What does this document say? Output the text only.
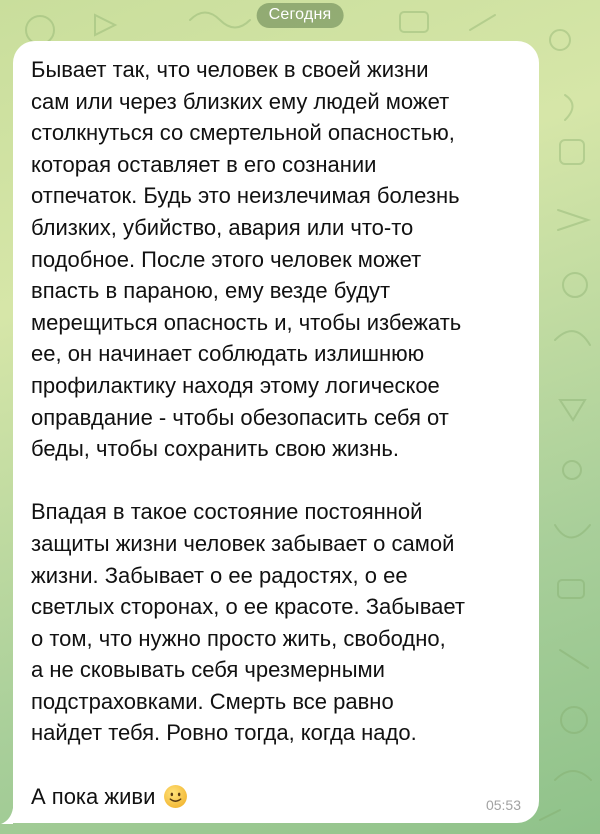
Сегодня

Бывает так, что человек в своей жизни
сам или через близких ему людей может
столкнуться со смертельной опасностью,
которая оставляет в его сознании
отпечаток. Будь это неизлечимая болезнь
близких, убийство, авария или что-то
подобное. После этого человек может
впасть в параною, ему везде будут
мерещиться опасность и, чтобы избежать
ее, он начинает соблюдать излишнюю
профилактику находя этому логическое
оправдание - чтобы обезопасить себя от
беды, чтобы сохранить свою жизнь.

Впадая в такое состояние постоянной
защиты жизни человек забывает о самой
жизни. Забывает о ее радостях, о ее
светлых сторонах, о ее красоте. Забывает
о том, что нужно просто жить, свободно,
а не сковывать себя чрезмерными
подстраховками. Смерть все равно
найдет тебя. Ровно тогда, когда надо.

А пока живи	05:53
